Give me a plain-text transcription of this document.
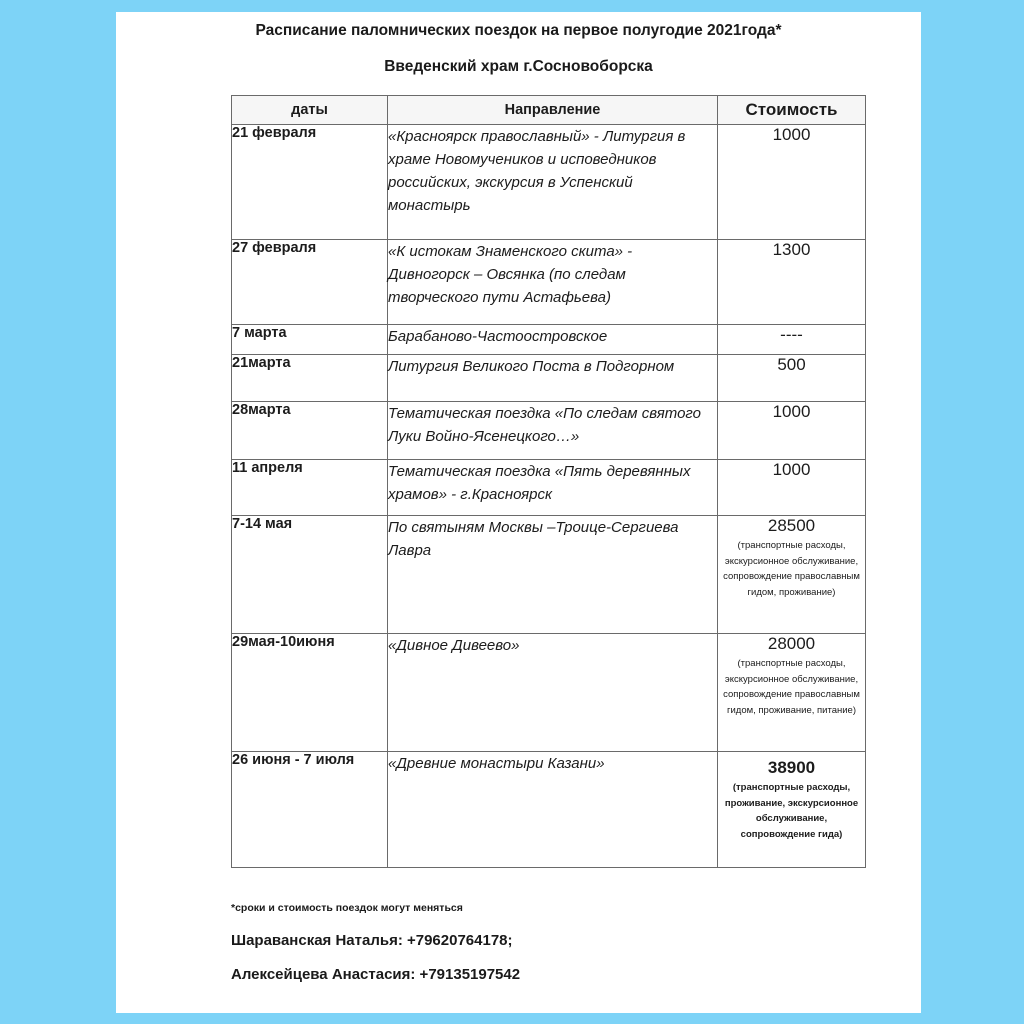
Расписание паломнических поездок на первое полугодие 2021года*
Введенский храм г.Сосновоборска
даты	Направление	Стоимость
21 февраля	«Красноярск православный» - Литургия в храме Новомучеников и исповедников российских, экскурсия в Успенский монастырь	1000

27 февраля	«К истокам Знаменского скита» - Дивногорск – Овсянка (по следам творческого пути Астафьева)	1300

7 марта	Барабаново-Частоостровское	----

21марта	Литургия Великого Поста в Подгорном	500

28марта	Тематическая поездка «По следам святого Луки Войно-Ясенецкого…»	1000

11 апреля	Тематическая поездка «Пять деревянных храмов» - г.Красноярск	1000

7-14 мая	По святыням Москвы –Троице-Сергиева Лавра	28500
(транспортные расходы, экскурсионное обслуживание, сопровождение православным гидом, проживание)

29мая-10июня	«Дивное Дивеево»	28000
(транспортные расходы, экскурсионное обслуживание, сопровождение православным гидом, проживание, питание)

26 июня - 7 июля	«Древние монастыри Казани»	38900
(транспортные расходы, проживание, экскурсионное обслуживание, сопровождение гида)
*сроки и стоимость поездок могут меняться
Шараванская Наталья: +79620764178;
Алексейцева Анастасия: +79135197542
